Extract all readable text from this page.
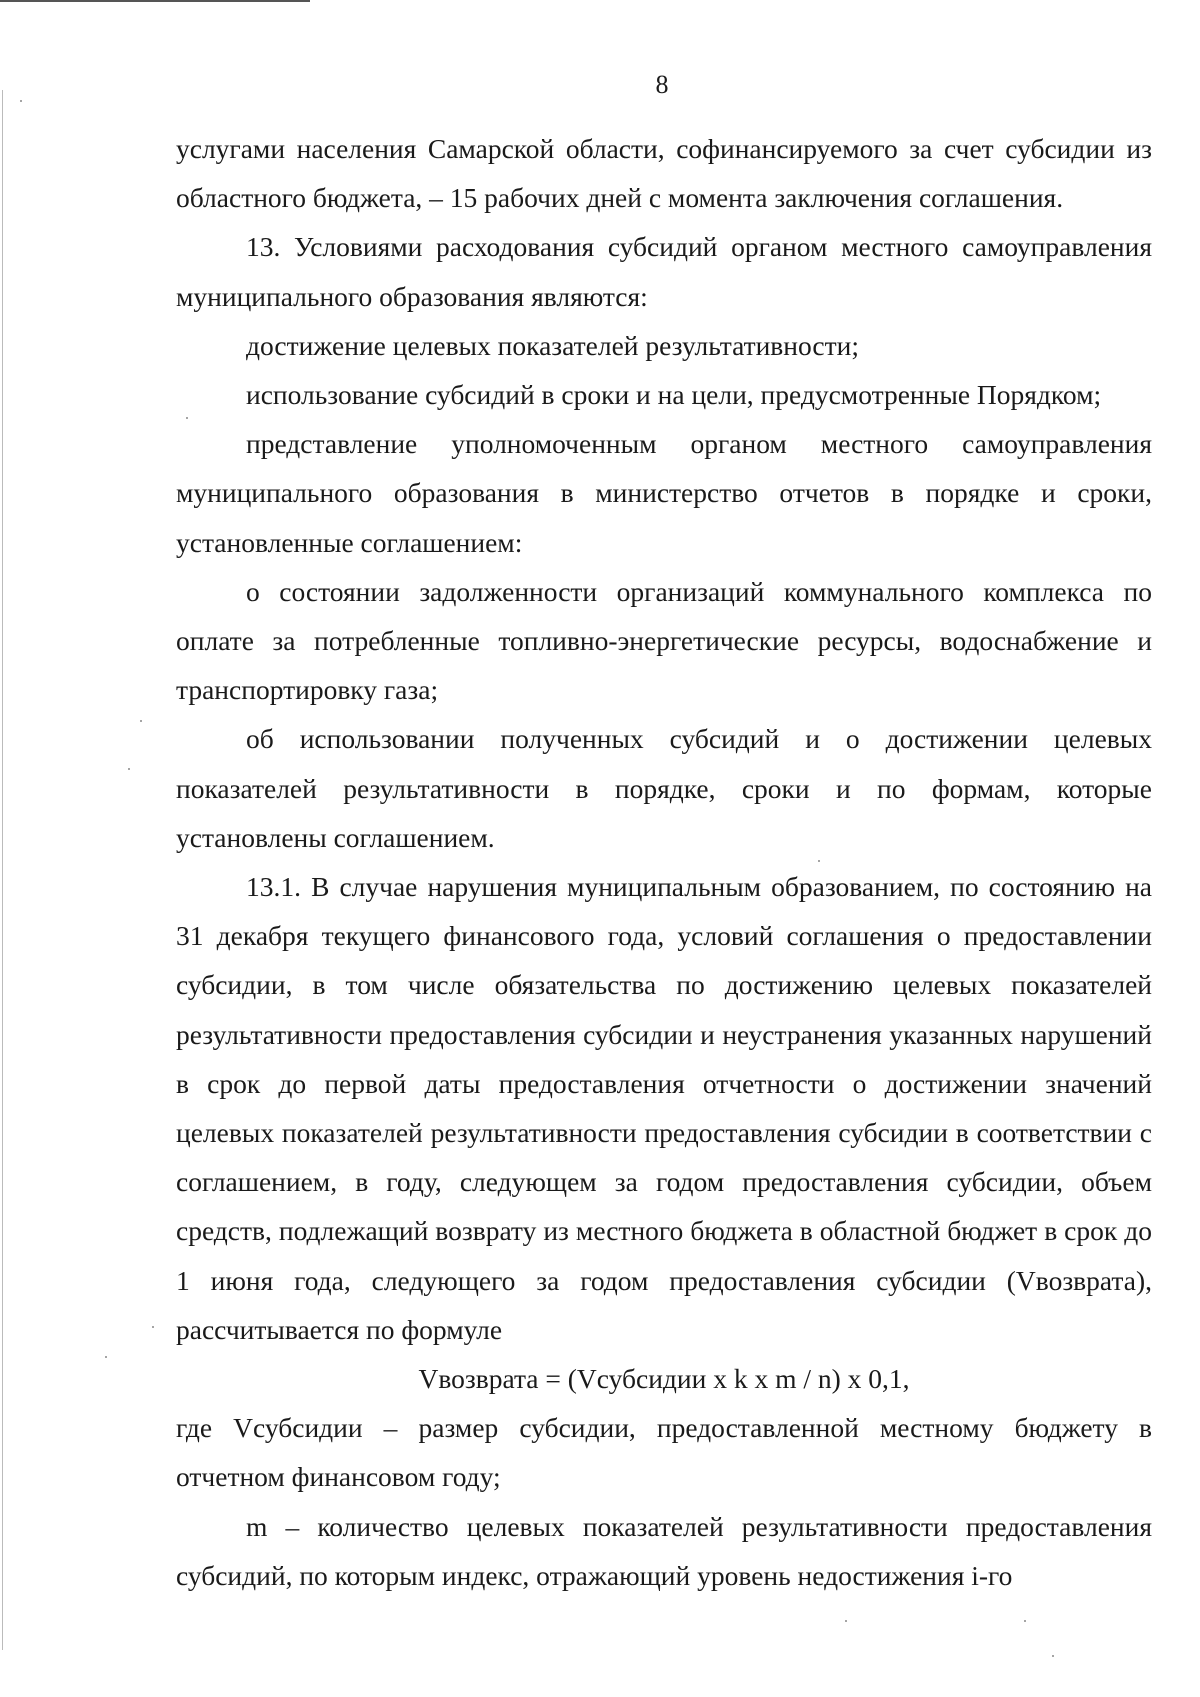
8

услугами населения Самарской области, софинансируемого за счет субсидии из областного бюджета, – 15 рабочих дней с момента заключения соглашения.

13. Условиями расходования субсидий органом местного самоуправления муниципального образования являются:

достижение целевых показателей результативности;

использование субсидий в сроки и на цели, предусмотренные Порядком;

представление уполномоченным органом местного самоуправления муниципального образования в министерство отчетов в порядке и сроки, установленные соглашением:

о состоянии задолженности организаций коммунального комплекса по оплате за потребленные топливно-энергетические ресурсы, водоснабжение и транспортировку газа;

об использовании полученных субсидий и о достижении целевых показателей результативности в порядке, сроки и по формам, которые установлены соглашением.

13.1. В случае нарушения муниципальным образованием, по состоянию на 31 декабря текущего финансового года, условий соглашения о предоставлении субсидии, в том числе обязательства по достижению целевых показателей результативности предоставления субсидии и неустранения указанных нарушений в срок до первой даты предоставления отчетности о достижении значений целевых показателей результативности предоставления субсидии в соответствии с соглашением, в году, следующем за годом предоставления субсидии, объем средств, подлежащий возврату из местного бюджета в областной бюджет в срок до 1 июня года, следующего за годом предоставления субсидии (Vвозврата), рассчитывается по формуле

Vвозврата = (Vсубсидии x k x m / n) x 0,1,

где Vсубсидии – размер субсидии, предоставленной местному бюджету в отчетном финансовом году;

m – количество целевых показателей результативности предоставления субсидий, по которым индекс, отражающий уровень недостижения i-го
